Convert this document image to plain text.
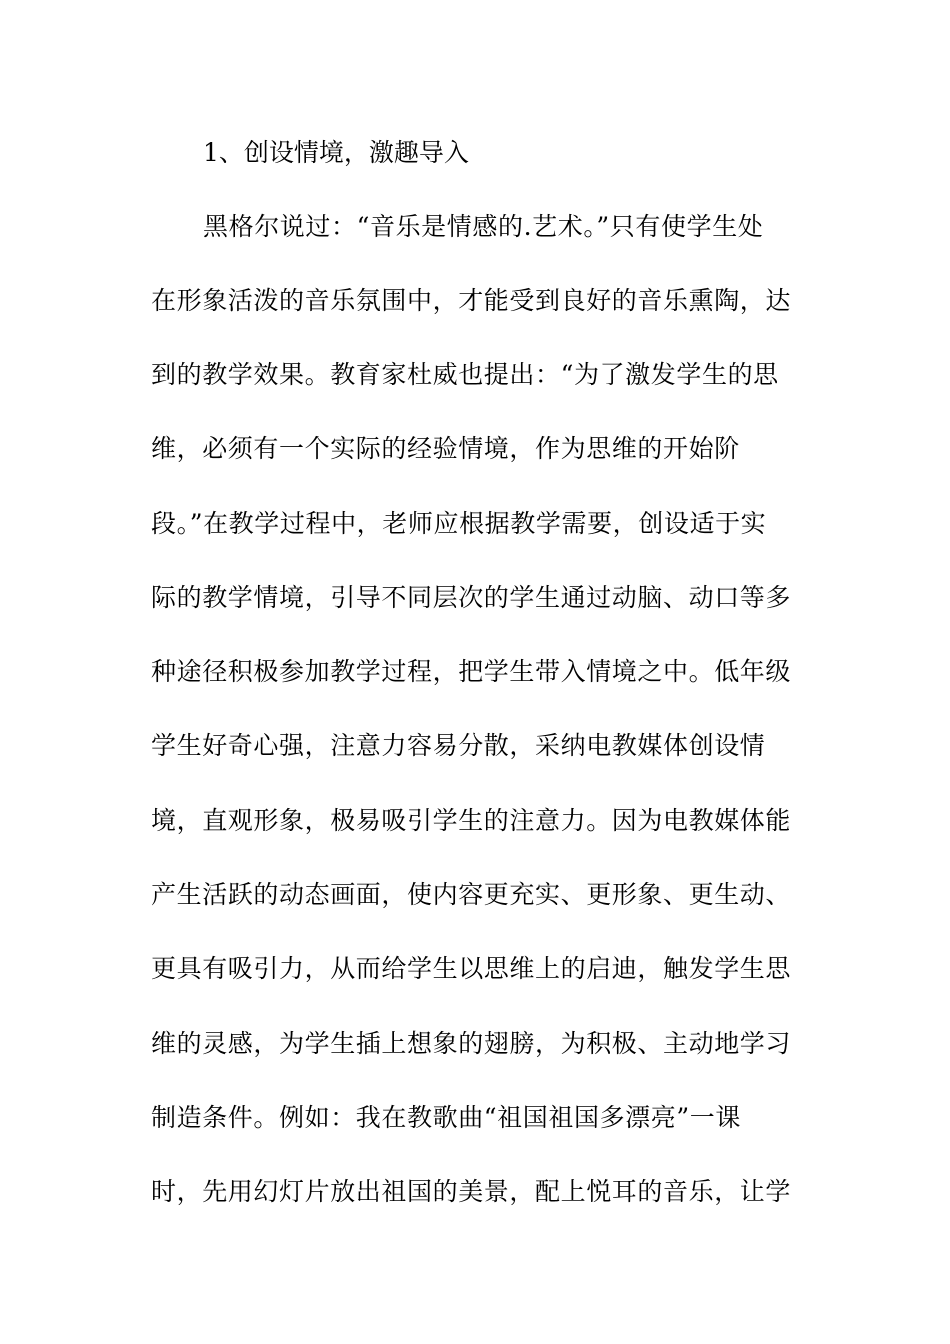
1、创设情境，激趣导入
黑格尔说过：“音乐是情感的.艺术。”只有使学生处
在形象活泼的音乐氛围中，才能受到良好的音乐熏陶，达
到的教学效果。教育家杜威也提出：“为了激发学生的思
维，必须有一个实际的经验情境，作为思维的开始阶
段。”在教学过程中，老师应根据教学需要，创设适于实
际的教学情境，引导不同层次的学生通过动脑、动口等多
种途径积极参加教学过程，把学生带入情境之中。低年级
学生好奇心强，注意力容易分散，采纳电教媒体创设情
境，直观形象，极易吸引学生的注意力。因为电教媒体能
产生活跃的动态画面，使内容更充实、更形象、更生动、
更具有吸引力，从而给学生以思维上的启迪，触发学生思
维的灵感，为学生插上想象的翅膀，为积极、主动地学习
制造条件。例如：我在教歌曲“祖国祖国多漂亮”一课
时，先用幻灯片放出祖国的美景，配上悦耳的音乐，让学
